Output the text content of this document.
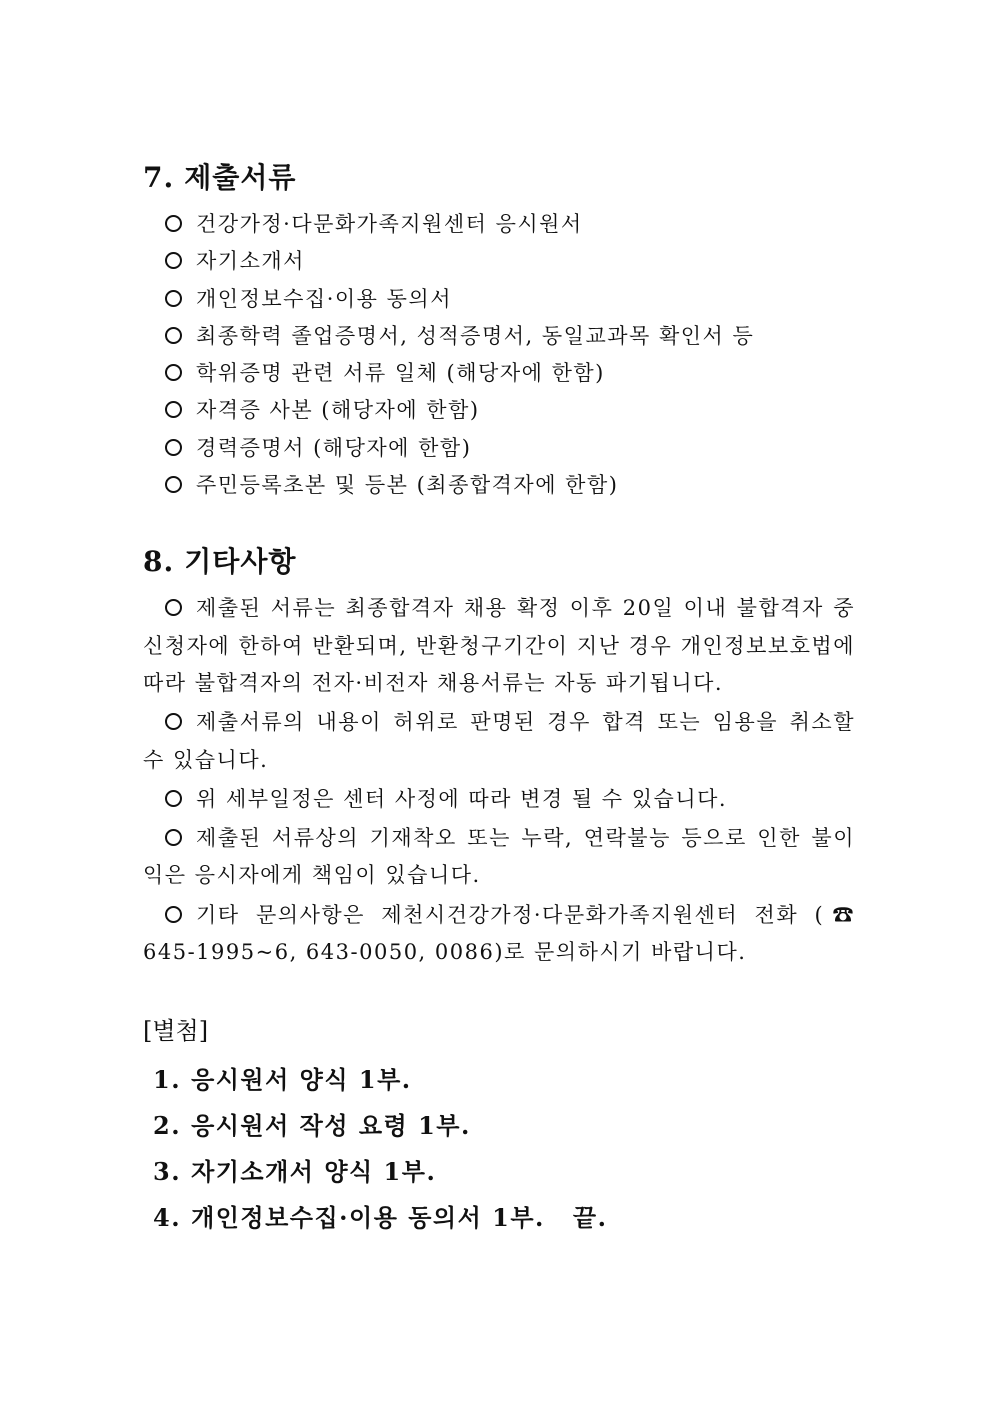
7. 제출서류
건강가정·다문화가족지원센터 응시원서
자기소개서
개인정보수집·이용 동의서
최종학력 졸업증명서, 성적증명서, 동일교과목 확인서 등
학위증명 관련 서류 일체 (해당자에 한함)
자격증 사본 (해당자에 한함)
경력증명서 (해당자에 한함)
주민등록초본 및 등본 (최종합격자에 한함)
8. 기타사항

제출된 서류는 최종합격자 채용 확정 이후 20일 이내 불합격자 중 신청자에 한하여 반환되며, 반환청구기간이 지난 경우 개인정보보호법에 따라 불합격자의 전자·비전자 채용서류는 자동 파기됩니다.

제출서류의 내용이 허위로 판명된 경우 합격 또는 임용을 취소할 수 있습니다.

위 세부일정은 센터 사정에 따라 변경 될 수 있습니다.

제출된 서류상의 기재착오 또는 누락, 연락불능 등으로 인한 불이익은 응시자에게 책임이 있습니다.

기타 문의사항은 제천시건강가정·다문화가족지원센터 전화 (☎ 645-1995~6, 643-0050, 0086)로 문의하시기 바랍니다.

[별첨]
1. 응시원서 양식 1부.
2. 응시원서 작성 요령 1부.
3. 자기소개서 양식 1부.
4. 개인정보수집·이용 동의서 1부. 끝.
